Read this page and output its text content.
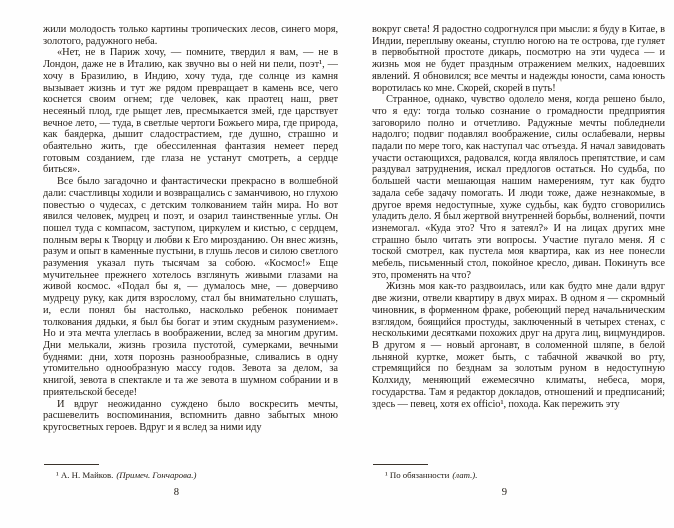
жили молодость только картины тропических лесов, синего моря, золотого, радужного неба.

«Нет, не в Париж хочу, — помните, твердил я вам, — не в Лондон, даже не в Италию, как звучно вы о ней ни пели, поэт¹, — хочу в Бразилию, в Индию, хочу туда, где солнце из камня вызывает жизнь и тут же рядом превращает в камень все, чего коснется своим огнем; где человек, как праотец наш, рвет несеяный плод, где рыщет лев, пресмыкается змей, где царствует вечное лето, — туда, в светлые чертоги Божьего мира, где природа, как баядерка, дышит сладострастием, где душно, страшно и обаятельно жить, где обессиленная фантазия немеет перед готовым созданием, где глаза не устанут смотреть, а сердце биться».

Все было загадочно и фантастически прекрасно в волшебной дали: счастливцы ходили и возвращались с заманчивою, но глухою повестью о чудесах, с детским толкованием тайн мира. Но вот явился человек, мудрец и поэт, и озарил таинственные углы. Он пошел туда с компасом, заступом, циркулем и кистью, с сердцем, полным веры к Творцу и любви к Его мирозданию. Он внес жизнь, разум и опыт в каменные пустыни, в глушь лесов и силою светлого разумения указал путь тысячам за собою. «Космос!» Еще мучительнее прежнего хотелось взглянуть живыми глазами на живой космос. «Подал бы я, — думалось мне, — доверчиво мудрецу руку, как дитя взрослому, стал бы внимательно слушать, и, если понял бы настолько, насколько ребенок понимает толкования дядьки, я был бы богат и этим скудным разумением». Но и эта мечта улеглась в воображении, вслед за многим другим. Дни мелькали, жизнь грозила пустотой, сумерками, вечными буднями: дни, хотя порознь разнообразные, сливались в одну утомительно однообразную массу годов. Зевота за делом, за книгой, зевота в спектакле и та же зевота в шумном собрании и в приятельской беседе!

И вдруг неожиданно суждено было воскресить мечты, расшевелить воспоминания, вспомнить давно забытых мною кругосветных героев. Вдруг и я вслед за ними иду

¹ А. Н. Майков. (Примеч. Гончарова.)
8

вокруг света! Я радостно содрогнулся при мысли: я буду в Китае, в Индии, переплыву океаны, ступлю ногою на те острова, где гуляет в первобытной простоте дикарь, посмотрю на эти чудеса — и жизнь моя не будет праздным отражением мелких, надоевших явлений. Я обновился; все мечты и надежды юности, сама юность воротилась ко мне. Скорей, скорей в путь!

Странное, однако, чувство одолело меня, когда решено было, что я еду: тогда только сознание о громадности предприятия заговорило полно и отчетливо. Радужные мечты побледнели надолго; подвиг подавлял воображение, силы ослабевали, нервы падали по мере того, как наступал час отъезда. Я начал завидовать участи остающихся, радовался, когда являлось препятствие, и сам раздувал затруднения, искал предлогов остаться. Но судьба, по большей части мешающая нашим намерениям, тут как будто задала себе задачу помогать. И люди тоже, даже незнакомые, в другое время недоступные, хуже судьбы, как будто сговорились уладить дело. Я был жертвой внутренней борьбы, волнений, почти изнемогал. «Куда это? Что я затеял?» И на лицах других мне страшно было читать эти вопросы. Участие пугало меня. Я с тоской смотрел, как пустела моя квартира, как из нее понесли мебель, письменный стол, покойное кресло, диван. Покинуть все это, променять на что?

Жизнь моя как-то раздвоилась, или как будто мне дали вдруг две жизни, отвели квартиру в двух мирах. В одном я — скромный чиновник, в форменном фраке, робеющий перед начальническим взглядом, боящийся простуды, заключенный в четырех стенах, с несколькими десятками похожих друг на друга лиц, вицмундиров. В другом я — новый аргонавт, в соломенной шляпе, в белой льняной куртке, может быть, с табачной жвачкой во рту, стремящийся по безднам за золотым руном в недоступную Колхиду, меняющий ежемесячно климаты, небеса, моря, государства. Там я редактор докладов, отношений и предписаний; здесь — певец, хотя ex officio¹, похода. Как пережить эту

¹ По обязанности (лат.).
9
